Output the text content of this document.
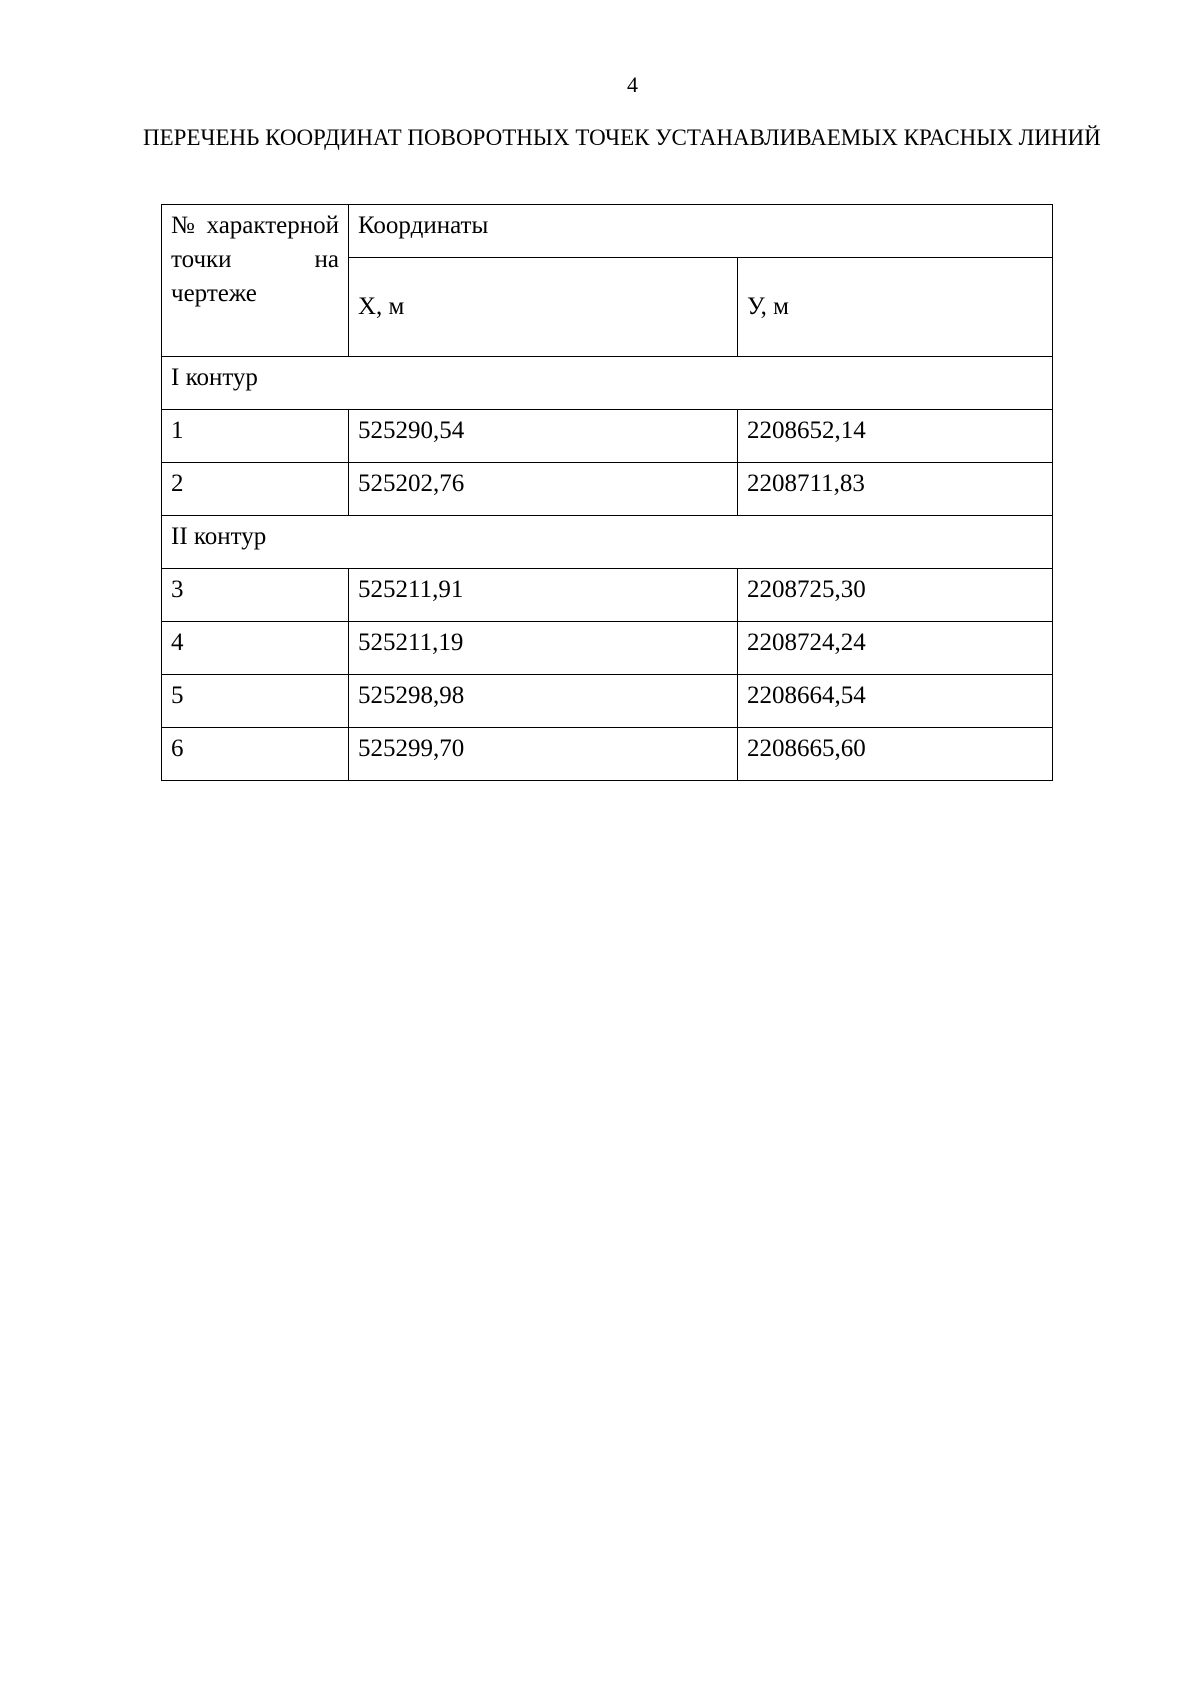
4
ПЕРЕЧЕНЬ КООРДИНАТ ПОВОРОТНЫХ ТОЧЕК УСТАНАВЛИВАЕМЫХ КРАСНЫХ ЛИНИЙ
№ характерной точки на чертеже	Координаты	
	Х, м	У, м
I контур		
1	525290,54	2208652,14
2	525202,76	2208711,83
II контур		
3	525211,91	2208725,30
4	525211,19	2208724,24
5	525298,98	2208664,54
6	525299,70	2208665,60
